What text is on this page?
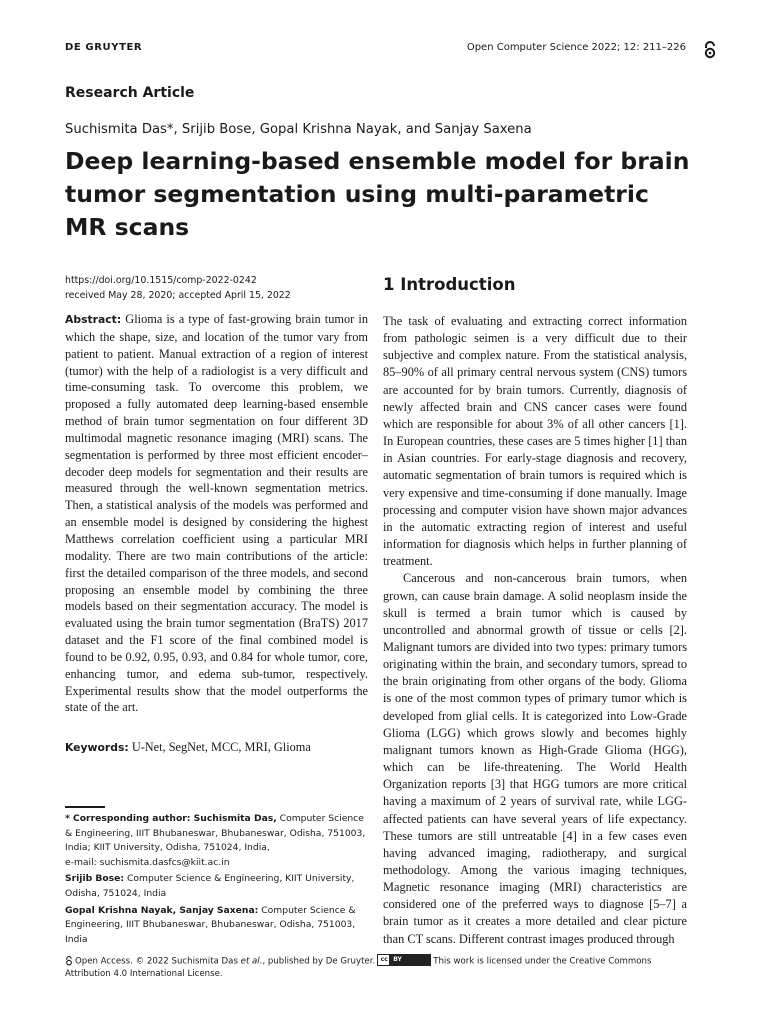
DE GRUYTER	Open Computer Science 2022; 12: 211–226
Research Article
Suchismita Das*, Srijib Bose, Gopal Krishna Nayak, and Sanjay Saxena
Deep learning-based ensemble model for brain tumor segmentation using multi-parametric MR scans
https://doi.org/10.1515/comp-2022-0242
received May 28, 2020; accepted April 15, 2022
Abstract: Glioma is a type of fast-growing brain tumor in which the shape, size, and location of the tumor vary from patient to patient. Manual extraction of a region of interest (tumor) with the help of a radiologist is a very difficult and time-consuming task. To overcome this problem, we proposed a fully automated deep learning-based ensemble method of brain tumor segmentation on four different 3D multimodal magnetic resonance imaging (MRI) scans. The segmentation is performed by three most efficient encoder–decoder deep models for segmentation and their results are measured through the well-known segmentation metrics. Then, a statistical analysis of the models was performed and an ensemble model is designed by considering the highest Matthews correlation coefficient using a particular MRI modality. There are two main contributions of the article: first the detailed comparison of the three models, and second proposing an ensemble model by combining the three models based on their segmentation accuracy. The model is evaluated using the brain tumor segmentation (BraTS) 2017 dataset and the F1 score of the final combined model is found to be 0.92, 0.95, 0.93, and 0.84 for whole tumor, core, enhancing tumor, and edema sub-tumor, respectively. Experimental results show that the model outperforms the state of the art.
Keywords: U-Net, SegNet, MCC, MRI, Glioma

* Corresponding author: Suchismita Das, Computer Science & Engineering, IIIT Bhubaneswar, Bhubaneswar, Odisha, 751003, India; KIIT University, Odisha, 751024, India,
e-mail: suchismita.dasfcs@kiit.ac.in

Srijib Bose: Computer Science & Engineering, KIIT University, Odisha, 751024, India

Gopal Krishna Nayak, Sanjay Saxena: Computer Science & Engineering, IIIT Bhubaneswar, Bhubaneswar, Odisha, 751003, India

1 Introduction

The task of evaluating and extracting correct information from pathologic seimen is a very difficult due to their subjective and complex nature. From the statistical analysis, 85–90% of all primary central nervous system (CNS) tumors are accounted for by brain tumors. Currently, diagnosis of newly affected brain and CNS cancer cases were found which are responsible for about 3% of all other cancers [1]. In European countries, these cases are 5 times higher [1] than in Asian countries. For early-stage diagnosis and recovery, automatic segmentation of brain tumors is required which is very expensive and time-consuming if done manually. Image processing and computer vision have shown major advances in the automatic extracting region of interest and useful information for diagnosis which helps in further planning of treatment.

Cancerous and non-cancerous brain tumors, when grown, can cause brain damage. A solid neoplasm inside the skull is termed a brain tumor which is caused by uncontrolled and abnormal growth of tissue or cells [2]. Malignant tumors are divided into two types: primary tumors originating within the brain, and secondary tumors, spread to the brain originating from other organs of the body. Glioma is one of the most common types of primary tumor which is developed from glial cells. It is categorized into Low-Grade Glioma (LGG) which grows slowly and becomes highly malignant tumors known as High-Grade Glioma (HGG), which can be life-threatening. The World Health Organization reports [3] that HGG tumors are more critical having a maximum of 2 years of survival rate, while LGG-affected patients can have several years of life expectancy. These tumors are still untreatable [4] in a few cases even having advanced imaging, radiotherapy, and surgical methodology. Among the various imaging techniques, Magnetic resonance imaging (MRI) characteristics are considered one of the preferred ways to diagnose [5–7] a brain tumor as it creates a more detailed and clear picture than CT scans. Different contrast images produced through

Open Access. © 2022 Suchismita Das et al., published by De Gruyter. cc BY	This work is licensed under the Creative Commons Attribution 4.0 International License.
